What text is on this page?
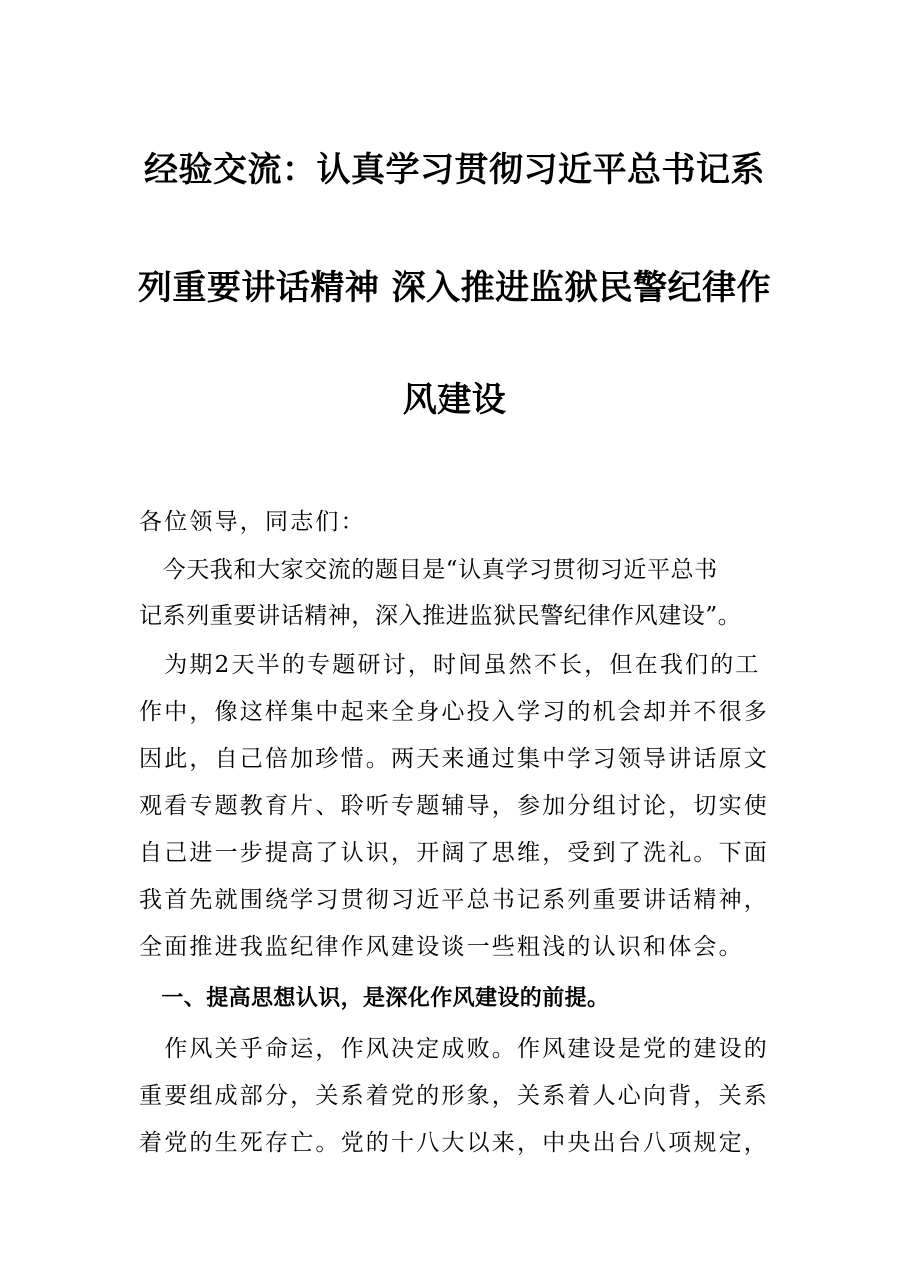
经验交流：认真学习贯彻习近平总书记系
列重要讲话精神 深入推进监狱民警纪律作
风建设
各位领导，同志们：
　今天我和大家交流的题目是“认真学习贯彻习近平总书
记系列重要讲话精神，深入推进监狱民警纪律作风建设”。
　为期2天半的专题研讨，时间虽然不长，但在我们的工
作中，像这样集中起来全身心投入学习的机会却并不很多
因此，自己倍加珍惜。两天来通过集中学习领导讲话原文
观看专题教育片、聆听专题辅导，参加分组讨论，切实使
自己进一步提高了认识，开阔了思维，受到了洗礼。下面
我首先就围绕学习贯彻习近平总书记系列重要讲话精神，
全面推进我监纪律作风建设谈一些粗浅的认识和体会。
　一、提高思想认识，是深化作风建设的前提。
　作风关乎命运，作风决定成败。作风建设是党的建设的
重要组成部分，关系着党的形象，关系着人心向背，关系
着党的生死存亡。党的十八大以来，中央出台八项规定，
